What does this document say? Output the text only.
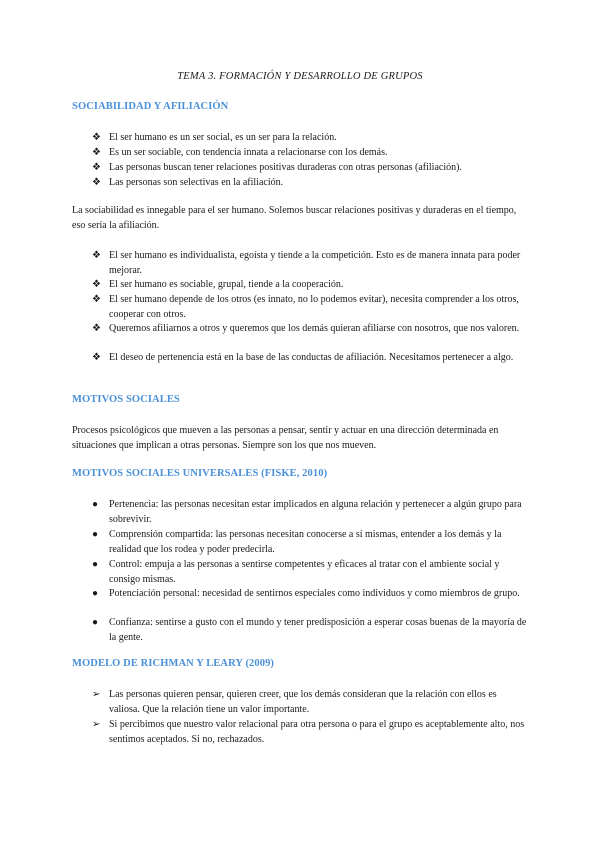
TEMA 3. FORMACIÓN Y DESARROLLO DE GRUPOS
SOCIABILIDAD Y AFILIACIÓN
❖ El ser humano es un ser social, es un ser para la relación.
❖ Es un ser sociable, con tendencia innata a relacionarse con los demás.
❖ Las personas buscan tener relaciones positivas duraderas con otras personas (afiliación).
❖ Las personas son selectivas en la afiliación.
La sociabilidad es innegable para el ser humano. Solemos buscar relaciones positivas y duraderas en el tiempo, eso sería la afiliación.
❖ El ser humano es individualista, egoísta y tiende a la competición. Esto es de manera innata para poder mejorar.
❖ El ser humano es sociable, grupal, tiende a la cooperación.
❖ El ser humano depende de los otros (es innato, no lo podemos evitar), necesita comprender a los otros, cooperar con otros.
❖ Queremos afiliarnos a otros y queremos que los demás quieran afiliarse con nosotros, que nos valoren.
❖ El deseo de pertenencia está en la base de las conductas de afiliación. Necesitamos pertenecer a algo.
MOTIVOS SOCIALES
Procesos psicológicos que mueven a las personas a pensar, sentir y actuar en una dirección determinada en situaciones que implican a otras personas. Siempre son los que nos mueven.
MOTIVOS SOCIALES UNIVERSALES (FISKE, 2010)
●	Pertenencia: las personas necesitan estar implicados en alguna relación y pertenecer a algún grupo para sobrevivir.
●	Comprensión compartida: las personas necesitan conocerse a sí mismas, entender a los demás y la realidad que los rodea y poder predecirla.
●	Control: empuja a las personas a sentirse competentes y eficaces al tratar con el ambiente social y consigo mismas.
●	Potenciación personal: necesidad de sentirnos especiales como individuos y como miembros de grupo.
●	Confianza: sentirse a gusto con el mundo y tener predisposición a esperar cosas buenas de la mayoría de la gente.
MODELO DE RICHMAN Y LEARY (2009)
➢ Las personas quieren pensar, quieren creer, que los demás consideran que la relación con ellos es valiosa. Que la relación tiene un valor importante.
➢ Si percibimos que nuestro valor relacional para otra persona o para el grupo es aceptablemente alto, nos sentimos aceptados. Si no, rechazados.
